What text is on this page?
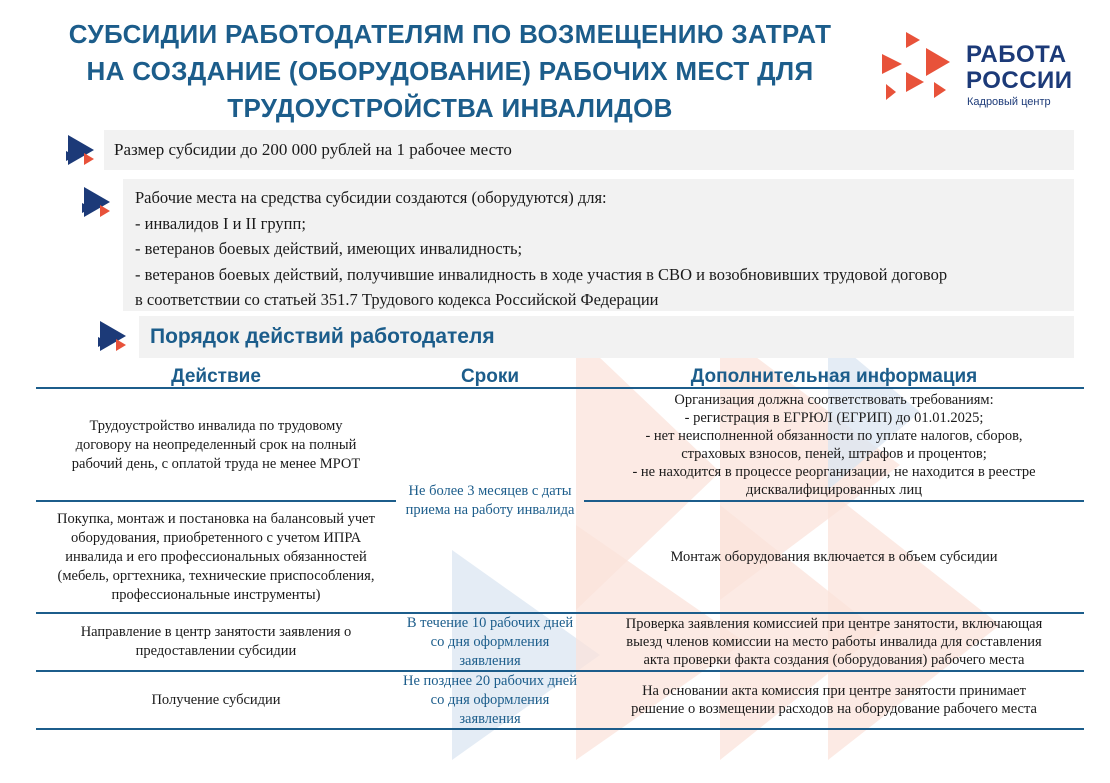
СУБСИДИИ РАБОТОДАТЕЛЯМ ПО ВОЗМЕЩЕНИЮ ЗАТРАТ
НА СОЗДАНИЕ (ОБОРУДОВАНИЕ) РАБОЧИХ МЕСТ ДЛЯ
ТРУДОУСТРОЙСТВА ИНВАЛИДОВ
РАБОТА
РОССИИ
Кадровый центр
Размер субсидии до 200 000 рублей на 1 рабочее место
Рабочие места на средства субсидии создаются (оборудуются) для:
- инвалидов I и II групп;
- ветеранов боевых действий, имеющих инвалидность;
- ветеранов боевых действий, получившие инвалидность в ходе участия в СВО и возобновивших трудовой договор
в соответствии со статьей 351.7 Трудового кодекса Российской Федерации
Порядок действий работодателя
Действие	Сроки	Дополнительная информация
Трудоустройство инвалида по трудовому договору на неопределенный срок на полный рабочий день, с оплатой труда не менее МРОТ
Организация должна соответствовать требованиям:
- регистрация в ЕГРЮЛ (ЕГРИП) до 01.01.2025;
- нет неисполненной обязанности по уплате налогов, сборов,
страховых взносов, пеней, штрафов и процентов;
- не находится в процессе реорганизации, не находится в реестре
дисквалифицированных лиц
Не более 3 месяцев с даты приема на работу инвалида
Покупка, монтаж и постановка на балансовый учет оборудования, приобретенного с учетом ИПРА инвалида и его профессиональных обязанностей (мебель, оргтехника, технические приспособления, профессиональные инструменты)
Монтаж оборудования включается в объем субсидии
Направление в центр занятости заявления о предоставлении субсидии
В течение 10 рабочих дней со дня оформления заявления
Проверка заявления комиссией при центре занятости, включающая
выезд членов комиссии на место работы инвалида для составления
акта проверки факта создания (оборудования) рабочего места
Получение субсидии
Не позднее 20 рабочих дней со дня оформления заявления
На основании акта комиссия при центре занятости принимает
решение о возмещении расходов на оборудование рабочего места
